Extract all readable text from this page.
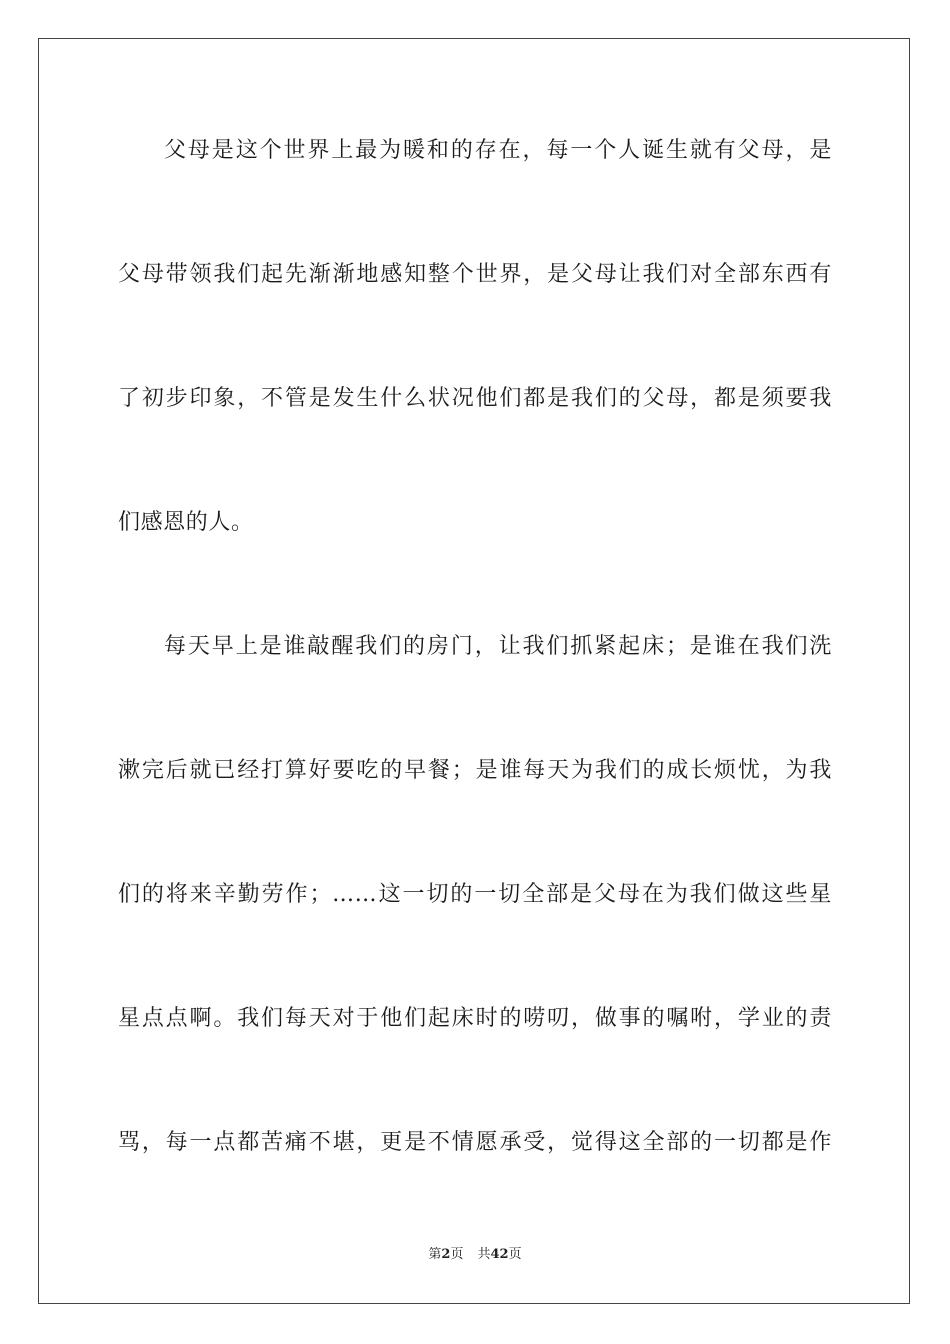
父母是这个世界上最为暖和的存在，每一个人诞生就有父母，是
父母带领我们起先渐渐地感知整个世界，是父母让我们对全部东西有
了初步印象，不管是发生什么状况他们都是我们的父母，都是须要我
们感恩的人。
每天早上是谁敲醒我们的房门，让我们抓紧起床；是谁在我们洗
漱完后就已经打算好要吃的早餐；是谁每天为我们的成长烦忧，为我
们的将来辛勤劳作；……这一切的一切全部是父母在为我们做这些星
星点点啊。我们每天对于他们起床时的唠叨，做事的嘱咐，学业的责
骂，每一点都苦痛不堪，更是不情愿承受，觉得这全部的一切都是作
第2页 共42页
